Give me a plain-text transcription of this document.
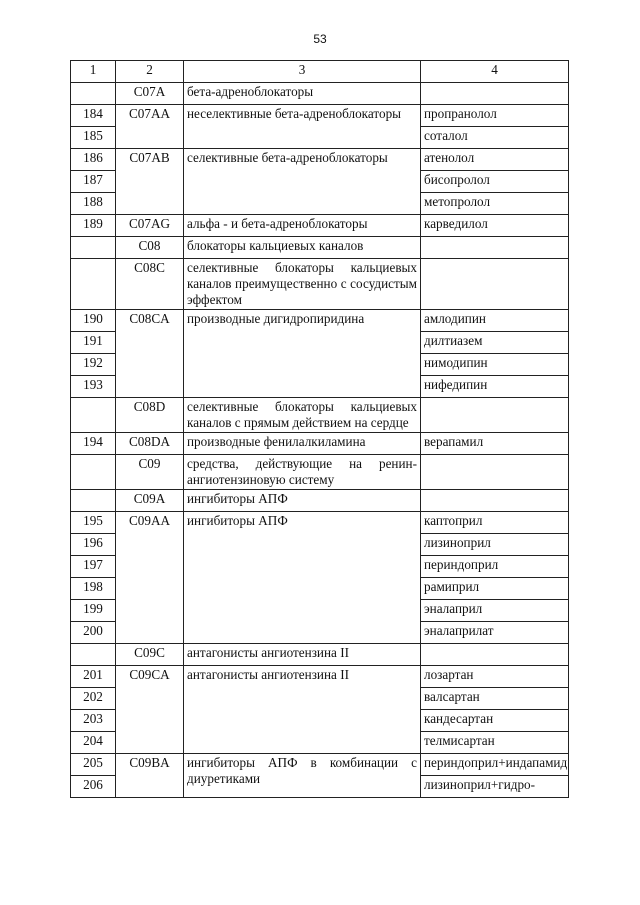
53
1	2	3	4
	C07A	бета-адреноблокаторы	
184	C07AA	неселективные бета-адреноблокаторы	пропранолол
185			соталол
186	C07AB	селективные бета-адреноблокаторы	атенолол
187			бисопролол
188			метопролол
189	C07AG	альфа - и бета-адреноблокаторы	карведилол
	C08	блокаторы кальциевых каналов	
	C08C	селективные блокаторы кальциевых каналов преимущественно с сосудистым эффектом	
190	C08CA	производные дигидропиридина	амлодипин
191			дилтиазем
192			нимодипин
193			нифедипин
	C08D	селективные блокаторы кальциевых каналов с прямым действием на сердце	
194	C08DA	производные фенилалкиламина	верапамил
	C09	средства, действующие на ренин-ангиотензиновую систему	
	C09A	ингибиторы АПФ	
195	C09AA	ингибиторы АПФ	каптоприл
196			лизиноприл
197			периндоприл
198			рамиприл
199			эналаприл
200			эналаприлат
	C09C	антагонисты ангиотензина II	
201	C09CA	антагонисты ангиотензина II	лозартан
202			валсартан
203			кандесартан
204			телмисартан
205	C09BA	ингибиторы АПФ в комбинации с диуретиками	периндоприл+индапамид
206			лизиноприл+гидро-
